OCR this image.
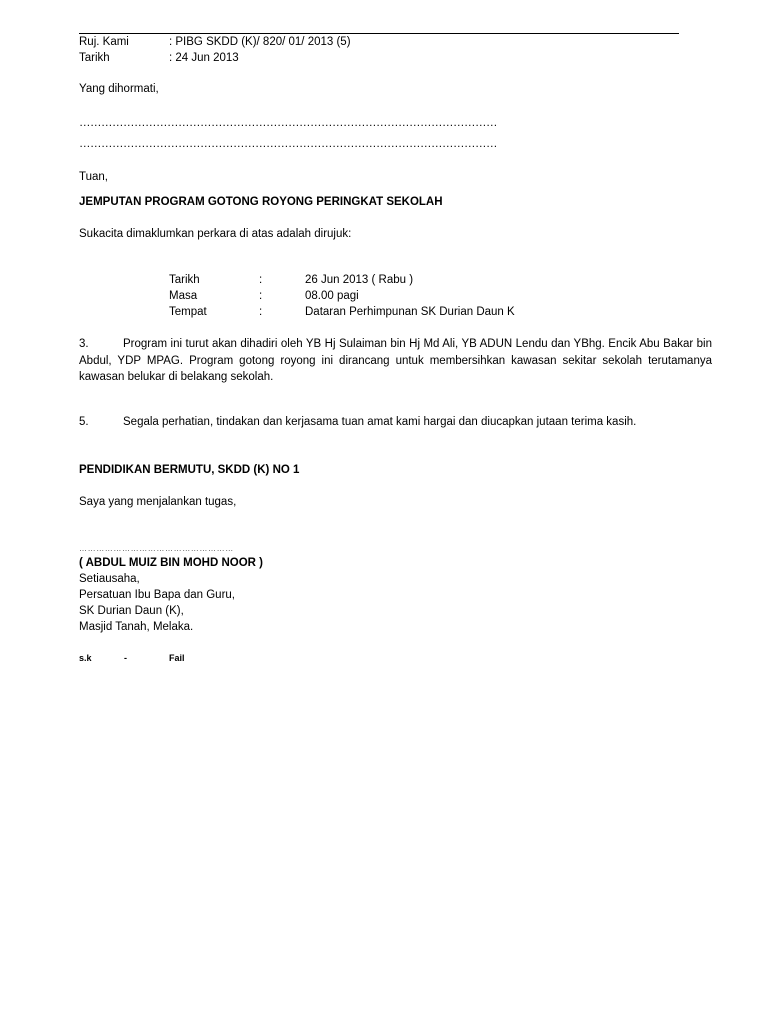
Ruj. Kami	: PIBG SKDD (K)/ 820/ 01/ 2013 (5)
Tarikh	: 24 Jun 2013
Yang dihormati,
……………………………………………………………………………………………………
……………………………………………………………………………………………………
Tuan,
JEMPUTAN PROGRAM GOTONG ROYONG PERINGKAT SEKOLAH
Sukacita dimaklumkan perkara di atas adalah dirujuk:
Tarikh	:	26 Jun 2013 ( Rabu )
Masa	:	08.00 pagi
Tempat	:	Dataran Perhimpunan SK Durian Daun K
3.	Program ini turut akan dihadiri oleh YB Hj Sulaiman bin Hj Md Ali, YB ADUN Lendu dan YBhg. Encik Abu Bakar bin Abdul, YDP MPAG. Program gotong royong ini dirancang untuk membersihkan kawasan sekitar sekolah terutamanya kawasan belukar di belakang sekolah.
5.	Segala perhatian, tindakan dan kerjasama tuan amat kami hargai dan diucapkan jutaan terima kasih.
PENDIDIKAN BERMUTU, SKDD (K) NO 1
Saya yang menjalankan tugas,
………………………………………………
( ABDUL MUIZ BIN MOHD NOOR )
Setiausaha,
Persatuan Ibu Bapa dan Guru,
SK Durian Daun (K),
Masjid Tanah, Melaka.
s.k	-	Fail
